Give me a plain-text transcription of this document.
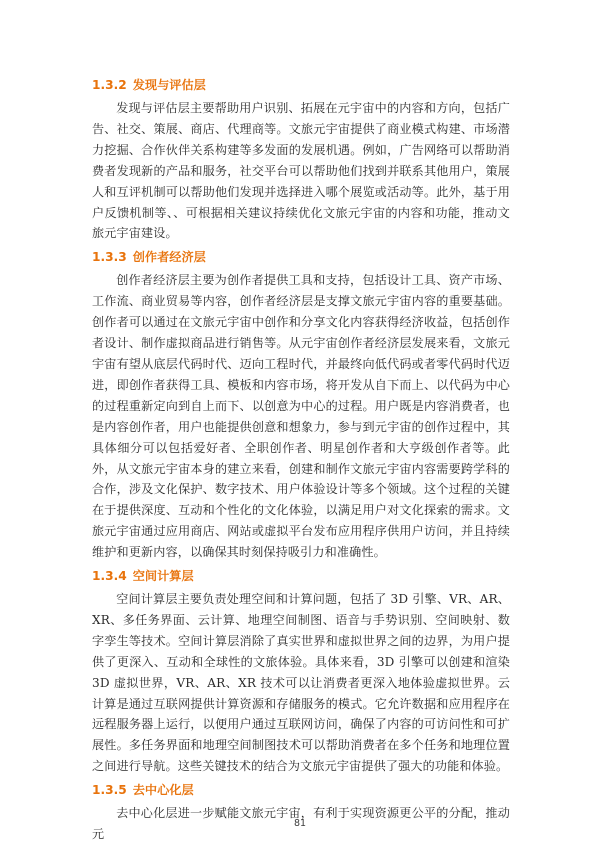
1.3.2 发现与评估层

发现与评估层主要帮助用户识别、拓展在元宇宙中的内容和方向，包括广告、社交、策展、商店、代理商等。文旅元宇宙提供了商业模式构建、市场潜力挖掘、合作伙伴关系构建等多发面的发展机遇。例如，广告网络可以帮助消费者发现新的产品和服务，社交平台可以帮助他们找到并联系其他用户，策展人和互评机制可以帮助他们发现并选择进入哪个展览或活动等。此外，基于用户反馈机制等、、可根据相关建议持续优化文旅元宇宙的内容和功能，推动文旅元宇宙建设。

1.3.3 创作者经济层

创作者经济层主要为创作者提供工具和支持，包括设计工具、资产市场、工作流、商业贸易等内容，创作者经济层是支撑文旅元宇宙内容的重要基础。创作者可以通过在文旅元宇宙中创作和分享文化内容获得经济收益，包括创作者设计、制作虚拟商品进行销售等。从元宇宙创作者经济层发展来看，文旅元宇宙有望从底层代码时代、迈向工程时代，并最终向低代码或者零代码时代迈进，即创作者获得工具、模板和内容市场，将开发从自下而上、以代码为中心的过程重新定向到自上而下、以创意为中心的过程。用户既是内容消费者，也是内容创作者，用户也能提供创意和想象力，参与到元宇宙的创作过程中，其具体细分可以包括爱好者、全职创作者、明星创作者和大亨级创作者等。此外，从文旅元宇宙本身的建立来看，创建和制作文旅元宇宙内容需要跨学科的合作，涉及文化保护、数字技术、用户体验设计等多个领域。这个过程的关键在于提供深度、互动和个性化的文化体验，以满足用户对文化探索的需求。文旅元宇宙通过应用商店、网站或虚拟平台发布应用程序供用户访问，并且持续维护和更新内容，以确保其时刻保持吸引力和准确性。

1.3.4 空间计算层

空间计算层主要负责处理空间和计算问题，包括了 3D 引擎、VR、AR、XR、多任务界面、云计算、地理空间制图、语音与手势识别、空间映射、数字孪生等技术。空间计算层消除了真实世界和虚拟世界之间的边界，为用户提供了更深入、互动和全球性的文旅体验。具体来看，3D 引擎可以创建和渲染 3D 虚拟世界，VR、AR、XR 技术可以让消费者更深入地体验虚拟世界。云计算是通过互联网提供计算资源和存储服务的模式。它允许数据和应用程序在远程服务器上运行，以便用户通过互联网访问，确保了内容的可访问性和可扩展性。多任务界面和地理空间制图技术可以帮助消费者在多个任务和地理位置之间进行导航。这些关键技术的结合为文旅元宇宙提供了强大的功能和体验。

1.3.5 去中心化层

去中心化层进一步赋能文旅元宇宙，有利于实现资源更公平的分配，推动元

81
